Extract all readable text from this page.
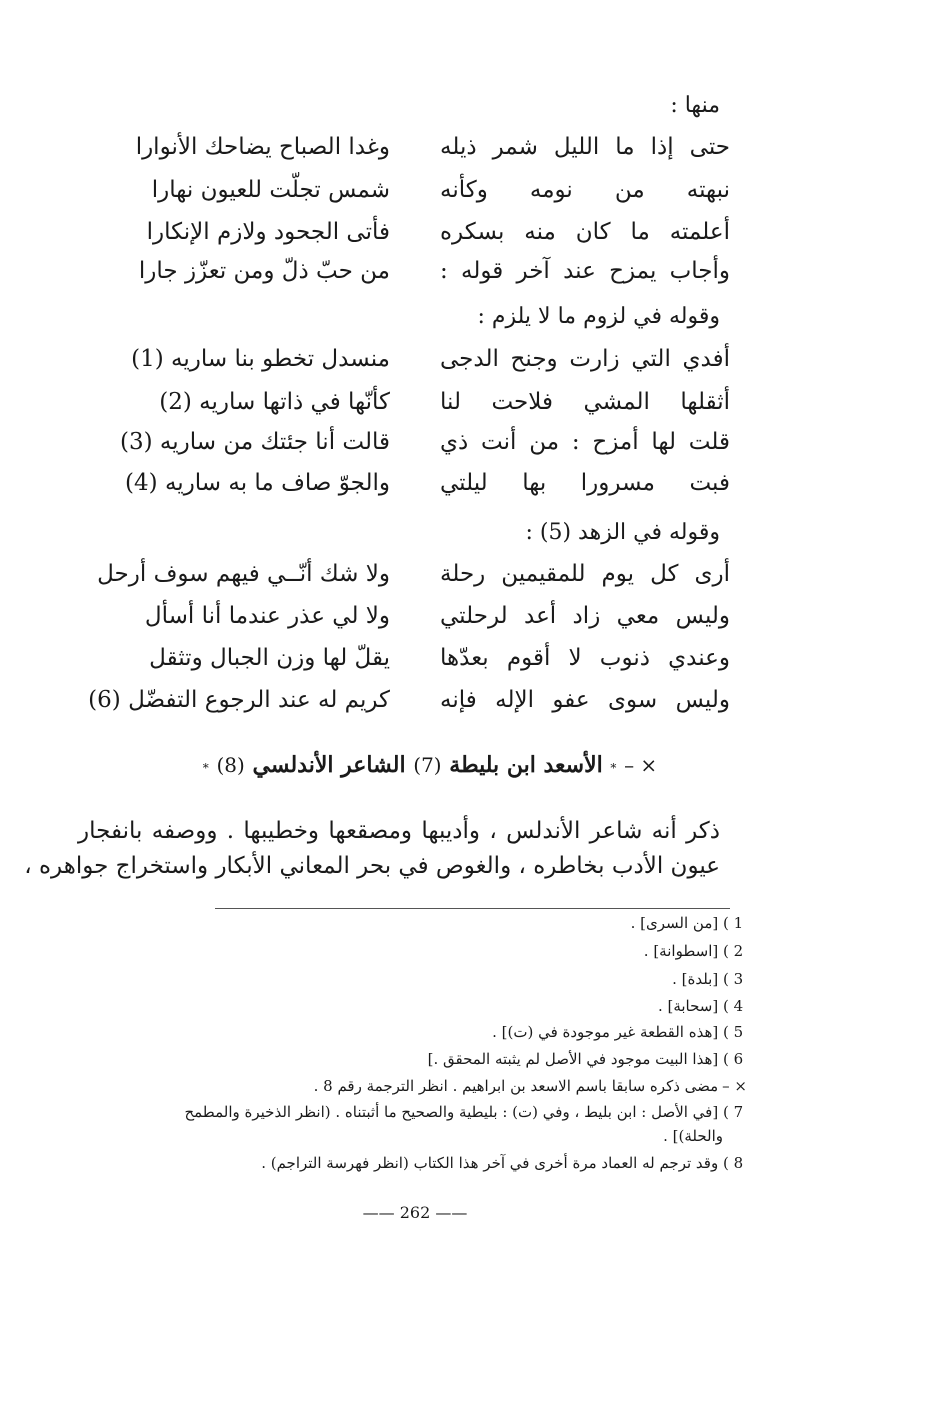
منها :
حتى إذا ما الليل شمر ذيله
وغدا الصباح يضاحك الأنوارا
نبهته من نومه وكأنه
شمس تجلّت للعيون نهارا
أعلمته ما كان منه بسكره
فأتى الجحود ولازم الإنكارا
وأجاب يمزح عند آخر قوله :
من حبّ ذلّ ومن تعزّز جارا
وقوله في لزوم ما لا يلزم :
أفدي التي زارت وجنح الدجى
منسدل تخطو بنا ساريه (1)
أثقلها المشي فلاحت لنا
كأنّها في ذاتها ساريه (2)
قلت لها أمزح : من أنت ذي
قالت أنا جئتك من ساريه (3)
فبت مسرورا بها ليلتي
والجوّ صاف ما به ساريه (4)
وقوله في الزهد (5) :
أرى كل يوم للمقيمين رحلة
ولا شك أنّــي فيهم سوف أرحل
وليس معي زاد أعد لرحلتي
ولا لي عذر عندما أنا أسأل
وعندي ذنوب لا أقوم بعدّها
يقلّ لها وزن الجبال وتثقل
وليس سوى عفو الإله فإنه
كريم له عند الرجوع التفضّل (6)
× – * الأسعد ابن بليطة (7) الشاعر الأندلسي (8) *
ذكر أنه شاعر الأندلس ، وأديبها ومصقعها وخطيبها . ووصفه بانفجار
عيون الأدب بخاطره ، والغوص في بحر المعاني الأبكار واستخراج جواهره ،
1 ) [من السرى] .
2 ) [اسطوانة] .
3 ) [بلدة] .
4 ) [سحابة] .
5 ) [هذه القطعة غير موجودة في (ت)] .
6 ) [هذا البيت موجود في الأصل لم يثبته المحقق .]
× – مضى ذكره سابقا باسم الاسعد بن ابراهيم . انظر الترجمة رقم 8 .
7 ) [في الأصل : ابن بليط ، وفي (ت) : بليطية والصحيح ما أثبتناه . (انظر الذخيرة والمطمح
والحلة)] .
8 ) وقد ترجم له العماد مرة أخرى في آخر هذا الكتاب (انظر فهرسة التراجم) .
—— 262 ——
